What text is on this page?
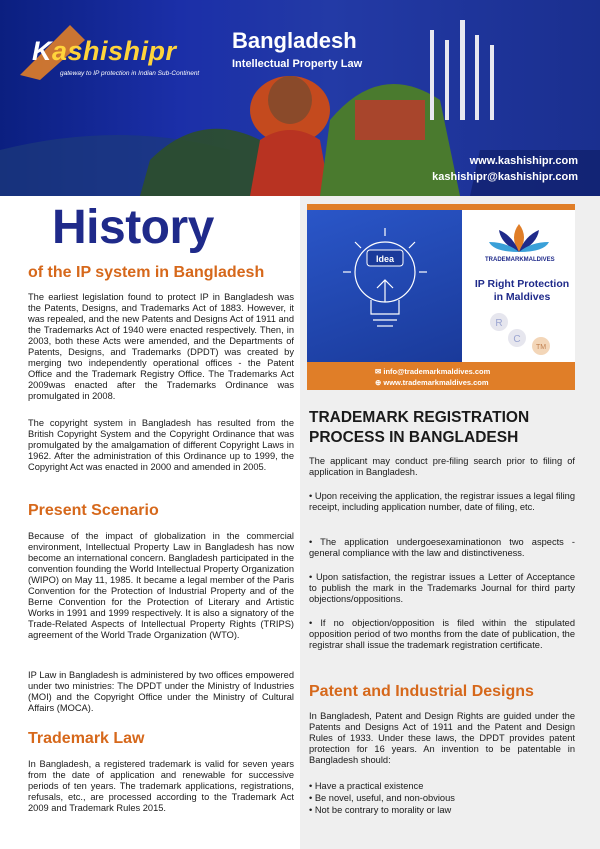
Kashishipr
gateway to IP protection in Indian Sub-Continent
Bangladesh
Intellectual Property Law
www.kashishipr.com
kashishipr@kashishipr.com
History
of the IP system in Bangladesh
The earliest legislation found to protect IP in Bangladesh was the Patents, Designs, and Trademarks Act of 1883. However, it was repealed, and the new Patents and Designs Act of 1911 and the Trademarks Act of 1940 were enacted respectively. Then, in 2003, both these Acts were amended, and the Departments of Patents, Designs, and Trademarks (DPDT) was created by merging two independently operational offices - the Patent Office and the Trademark Registry Office. The Trademarks Act 2009was enacted after the Trademarks Ordinance was promulgated in 2008.
The copyright system in Bangladesh has resulted from the British Copyright System and the Copyright Ordinance that was promulgated by the amalgamation of different Copyright Laws in 1962. After the administration of this Ordinance up to 1999, the Copyright Act was enacted in 2000 and amended in 2005.
Present Scenario
Because of the impact of globalization in the commercial environment, Intellectual Property Law in Bangladesh has now become an international concern. Bangladesh participated in the convention founding the World Intellectual Property Organization (WIPO) on May 11, 1985. It became a legal member of the Paris Convention for the Protection of Industrial Property and of the Berne Convention for the Protection of Literary and Artistic Works in 1991 and 1999 respectively. It is also a signatory of the Trade-Related Aspects of Intellectual Property Rights (TRIPS) agreement of the World Trade Organization (WTO).
IP Law in Bangladesh is administered by two offices empowered under two ministries: The DPDT under the Ministry of Industries (MOI) and the Copyright Office under the Ministry of Cultural Affairs (MOCA).
Trademark Law
In Bangladesh, a registered trademark is valid for seven years from the date of application and renewable for successive periods of ten years. The trademark applications, registrations, refusals, etc., are processed according to the Trademark Act 2009 and Trademark Rules 2015.
Idea	TRADEMARKMALDIVES
IP Right Protection
in Maldives
R
C
TM
✉ info@trademarkmaldives.com
⊕ www.trademarkmaldives.com
TRADEMARK REGISTRATION
PROCESS IN BANGLADESH
The applicant may conduct pre-filing search prior to filing of application in Bangladesh.
• Upon receiving the application, the registrar issues a legal filing receipt, including application number, date of filing, etc.
• The application undergoesexaminationon two aspects - general compliance with the law and distinctiveness.
• Upon satisfaction, the registrar issues a Letter of Acceptance to publish the mark in the Trademarks Journal for third party objections/oppositions.
• If no objection/opposition is filed within the stipulated opposition period of two months from the date of publication, the registrar shall issue the trademark registration certificate.
Patent and Industrial Designs
In Bangladesh, Patent and Design Rights are guided under the Patents and Designs Act of 1911 and the Patent and Design Rules of 1933. Under these laws, the DPDT provides patent protection for 16 years. An invention to be patentable in Bangladesh should:
• Have a practical existence
• Be novel, useful, and non-obvious
• Not be contrary to morality or law
